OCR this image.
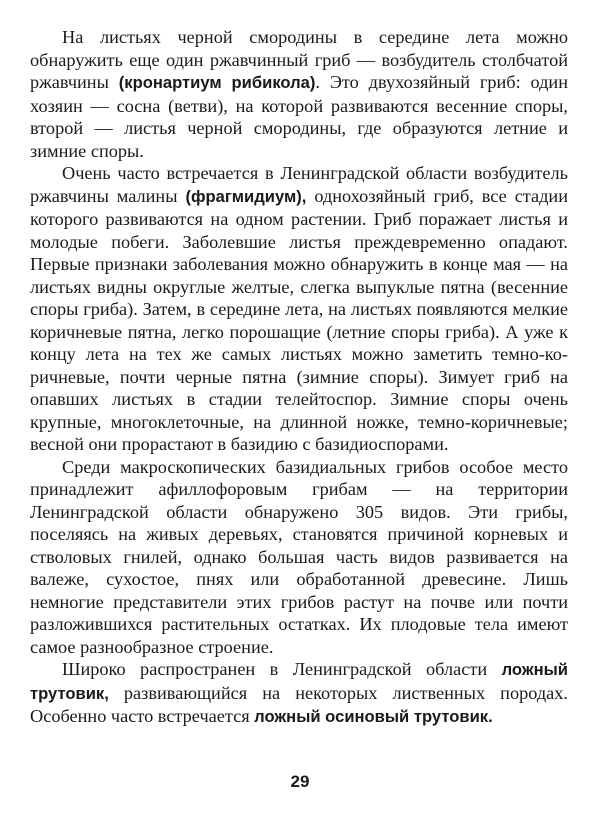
На листьях черной смородины в середине лета можно обнаружить еще один ржавчинный гриб — возбудитель столбчатой ржавчины (кронартиум рибикола). Это двухозяйный гриб: один хозяин — сосна (ветви), на которой развиваются весенние споры, второй — листья черной смородины, где образуются летние и зимние споры.

Очень часто встречается в Ленинградской области возбудитель ржавчины малины (фрагмидиум), однохозяйный гриб, все стадии которого развиваются на одном растении. Гриб поражает листья и молодые побеги. Заболевшие листья преждевременно опадают. Первые признаки заболевания можно обнаружить в конце мая — на листьях видны округлые желтые, слегка выпуклые пятна (весенние споры гриба). Затем, в середине лета, на листьях появляются мелкие коричневые пятна, легко порошащие (летние споры гриба). А уже к концу лета на тех же самых листьях можно заметить темно-коричневые, почти черные пятна (зимние споры). Зимует гриб на опавших листьях в стадии телейтоспор. Зимние споры очень крупные, многоклеточные, на длинной ножке, темно-коричневые; весной они прорастают в базидию с базидиоспорами.

Среди макроскопических базидиальных грибов особое место принадлежит афиллофоровым грибам — на территории Ленинградской области обнаружено 305 видов. Эти грибы, поселяясь на живых деревьях, становятся причиной корневых и стволовых гнилей, однако большая часть видов развивается на валеже, сухостое, пнях или обработанной древесине. Лишь немногие представители этих грибов растут на почве или почти разложившихся растительных остатках. Их плодовые тела имеют самое разнообразное строение.

Широко распространен в Ленинградской области ложный трутовик, развивающийся на некоторых лиственных породах. Особенно часто встречается ложный осиновый трутовик.

29
